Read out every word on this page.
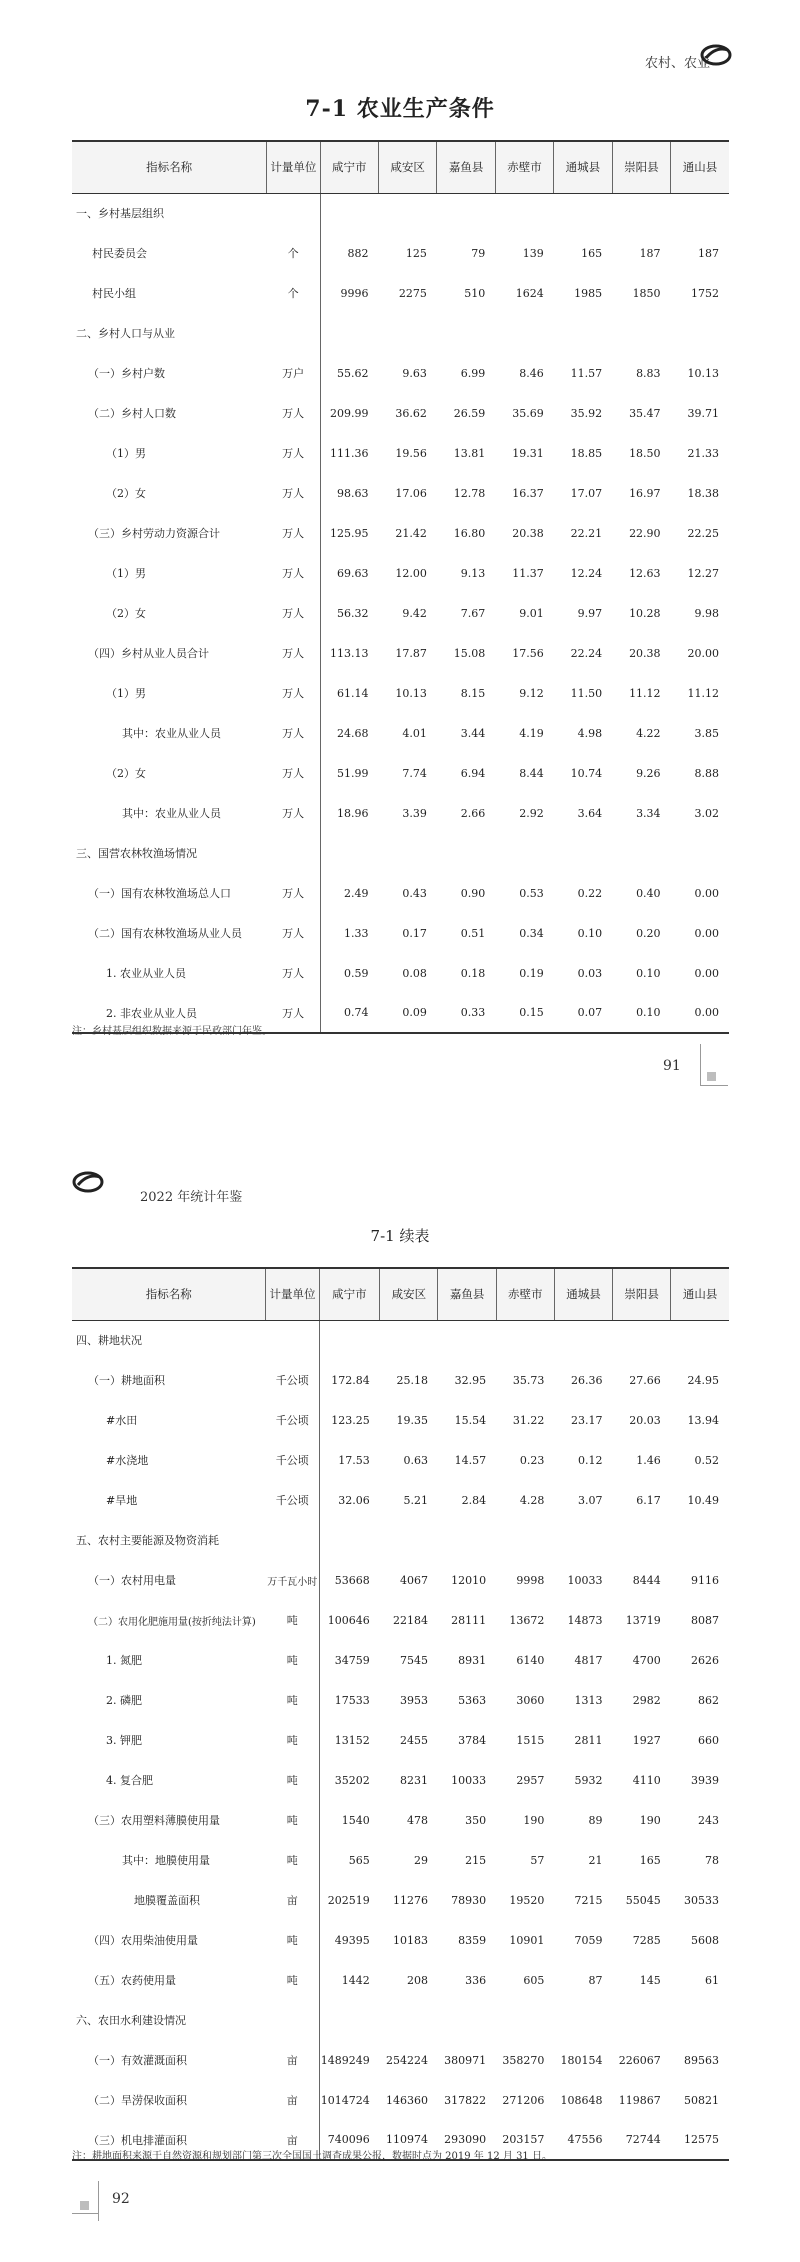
农村、农业
7-1 农业生产条件
指标名称	计量单位	咸宁市	咸安区	嘉鱼县	赤壁市	通城县	崇阳县	通山县
一、乡村基层组织								
村民委员会	个	882	125	79	139	165	187	187
村民小组	个	9996	2275	510	1624	1985	1850	1752
二、乡村人口与从业								
（一）乡村户数	万户	55.62	9.63	6.99	8.46	11.57	8.83	10.13
（二）乡村人口数	万人	209.99	36.62	26.59	35.69	35.92	35.47	39.71
（1）男	万人	111.36	19.56	13.81	19.31	18.85	18.50	21.33
（2）女	万人	98.63	17.06	12.78	16.37	17.07	16.97	18.38
（三）乡村劳动力资源合计	万人	125.95	21.42	16.80	20.38	22.21	22.90	22.25
（1）男	万人	69.63	12.00	9.13	11.37	12.24	12.63	12.27
（2）女	万人	56.32	9.42	7.67	9.01	9.97	10.28	9.98
（四）乡村从业人员合计	万人	113.13	17.87	15.08	17.56	22.24	20.38	20.00
（1）男	万人	61.14	10.13	8.15	9.12	11.50	11.12	11.12
其中：农业从业人员	万人	24.68	4.01	3.44	4.19	4.98	4.22	3.85
（2）女	万人	51.99	7.74	6.94	8.44	10.74	9.26	8.88
其中：农业从业人员	万人	18.96	3.39	2.66	2.92	3.64	3.34	3.02
三、国营农林牧渔场情况								
（一）国有农林牧渔场总人口	万人	2.49	0.43	0.90	0.53	0.22	0.40	0.00
（二）国有农林牧渔场从业人员	万人	1.33	0.17	0.51	0.34	0.10	0.20	0.00
1. 农业从业人员	万人	0.59	0.08	0.18	0.19	0.03	0.10	0.00
2. 非农业从业人员	万人	0.74	0.09	0.33	0.15	0.07	0.10	0.00
注：乡村基层组织数据来源于民政部门年鉴。
91
2022 年统计年鉴
7-1 续表
指标名称	计量单位	咸宁市	咸安区	嘉鱼县	赤壁市	通城县	崇阳县	通山县
四、耕地状况								
（一）耕地面积	千公顷	172.84	25.18	32.95	35.73	26.36	27.66	24.95
#水田	千公顷	123.25	19.35	15.54	31.22	23.17	20.03	13.94
#水浇地	千公顷	17.53	0.63	14.57	0.23	0.12	1.46	0.52
#旱地	千公顷	32.06	5.21	2.84	4.28	3.07	6.17	10.49
五、农村主要能源及物资消耗								
（一）农村用电量	万千瓦小时	53668	4067	12010	9998	10033	8444	9116
（二）农用化肥施用量(按折纯法计算)	吨	100646	22184	28111	13672	14873	13719	8087
1. 氮肥	吨	34759	7545	8931	6140	4817	4700	2626
2. 磷肥	吨	17533	3953	5363	3060	1313	2982	862
3. 钾肥	吨	13152	2455	3784	1515	2811	1927	660
4. 复合肥	吨	35202	8231	10033	2957	5932	4110	3939
（三）农用塑料薄膜使用量	吨	1540	478	350	190	89	190	243
其中：地膜使用量	吨	565	29	215	57	21	165	78
地膜覆盖面积	亩	202519	11276	78930	19520	7215	55045	30533
（四）农用柴油使用量	吨	49395	10183	8359	10901	7059	7285	5608
（五）农药使用量	吨	1442	208	336	605	87	145	61
六、农田水利建设情况								
（一）有效灌溉面积	亩	1489249	254224	380971	358270	180154	226067	89563
（二）旱涝保收面积	亩	1014724	146360	317822	271206	108648	119867	50821
（三）机电排灌面积	亩	740096	110974	293090	203157	47556	72744	12575
注：耕地面积来源于自然资源和规划部门第三次全国国土调查成果公报，数据时点为 2019 年 12 月 31 日。
92
